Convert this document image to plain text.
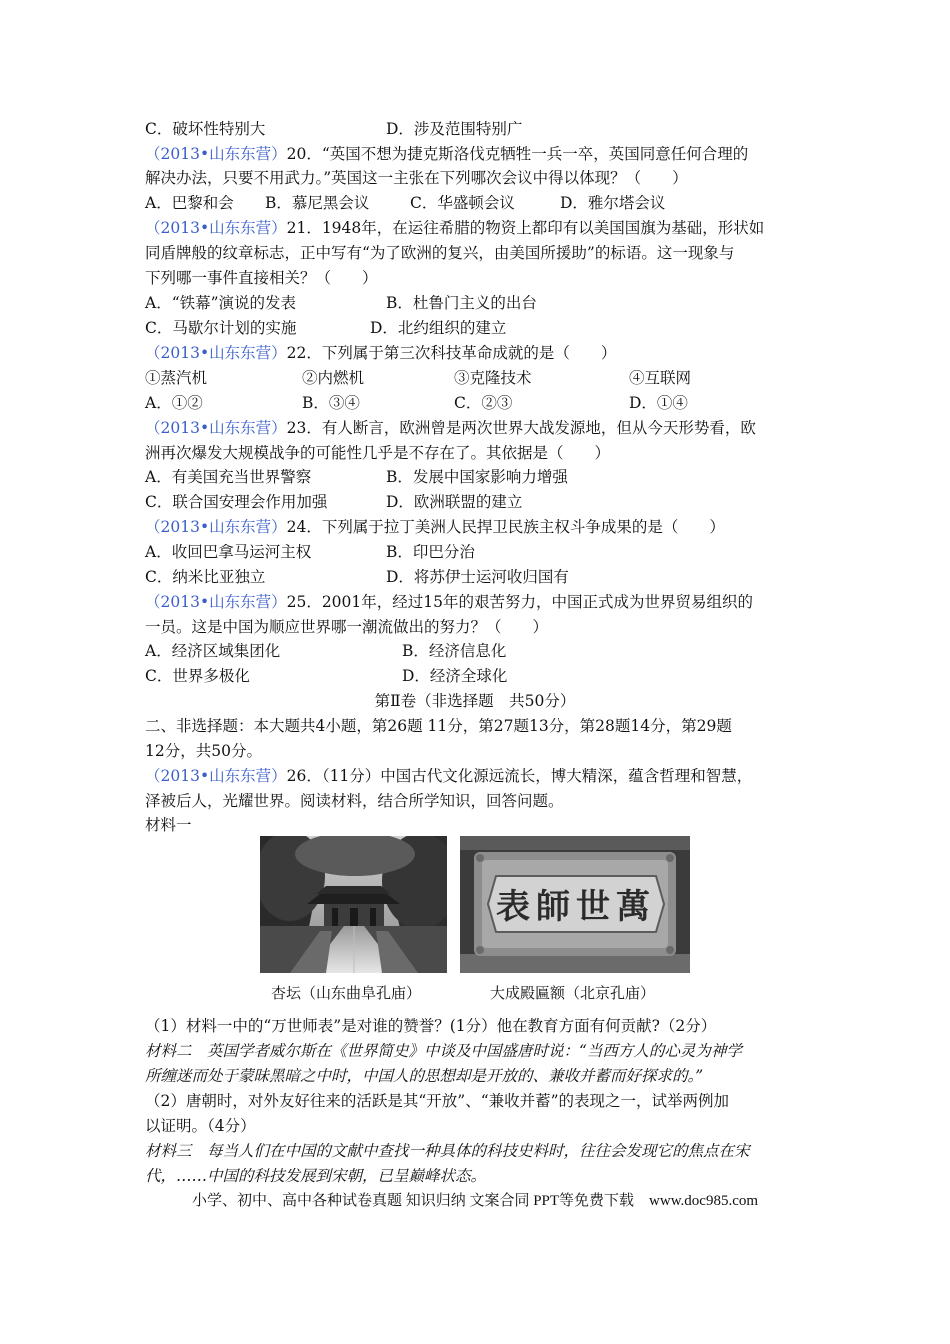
C．破坏性特别大	D．涉及范围特别广
（2013•山东东营）20．“英国不想为捷克斯洛伐克牺牲一兵一卒，英国同意任何合理的
解决办法，只要不用武力。”英国这一主张在下列哪次会议中得以体现？（　　）
A．巴黎和会 B．慕尼黑会议	C．华盛顿会议	D．雅尔塔会议
（2013•山东东营）21．1948年，在运往希腊的物资上都印有以美国国旗为基础，形状如
同盾牌般的纹章标志，正中写有“为了欧洲的复兴，由美国所援助”的标语。这一现象与
下列哪一事件直接相关？（　　）
A．“铁幕”演说的发表	B．杜鲁门主义的出台
C．马歇尔计划的实施	D．北约组织的建立
（2013•山东东营）22．下列属于第三次科技革命成就的是（　　）
①蒸汽机	②内燃机	③克隆技术	④互联网
A．①②	B．③④	C．②③	D．①④
（2013•山东东营）23．有人断言，欧洲曾是两次世界大战发源地，但从今天形势看，欧
洲再次爆发大规模战争的可能性几乎是不存在了。其依据是（　　）
A．有美国充当世界警察	B．发展中国家影响力增强
C．联合国安理会作用加强	D．欧洲联盟的建立
（2013•山东东营）24．下列属于拉丁美洲人民捍卫民族主权斗争成果的是（　　）
A．收回巴拿马运河主权	B．印巴分治
C．纳米比亚独立	D．将苏伊士运河收归国有
（2013•山东东营）25．2001年，经过15年的艰苦努力，中国正式成为世界贸易组织的
一员。这是中国为顺应世界哪一潮流做出的努力？（　　）
A．经济区域集团化	B．经济信息化
C．世界多极化	D．经济全球化
第Ⅱ卷（非选择题　共50分）
二、非选择题：本大题共4小题，第26题 11分，第27题13分，第28题14分，第29题
12分，共50分。
（2013•山东东营）26．（11分）中国古代文化源远流长，博大精深，蕴含哲理和智慧，
泽被后人，光耀世界。阅读材料，结合所学知识，回答问题。
材料一
表師世萬
杏坛（山东曲阜孔庙）	大成殿匾额（北京孔庙）
（1）材料一中的“万世师表”是对谁的赞誉？(1分）他在教育方面有何贡献?（2分）
材料二　英国学者威尔斯在《世界简史》中谈及中国盛唐时说：“当西方人的心灵为神学
所缠迷而处于蒙昧黑暗之中时，中国人的思想却是开放的、兼收并蓄而好探求的。”
（2）唐朝时，对外友好往来的活跃是其“开放”、“兼收并蓄”的表现之一，试举两例加
以证明。（4分）
材料三　每当人们在中国的文献中查找一种具体的科技史料时，往往会发现它的焦点在宋
代，……中国的科技发展到宋朝，已呈巅峰状态。
小学、初中、高中各种试卷真题 知识归纳 文案合同 PPT等免费下载　www.doc985.com
